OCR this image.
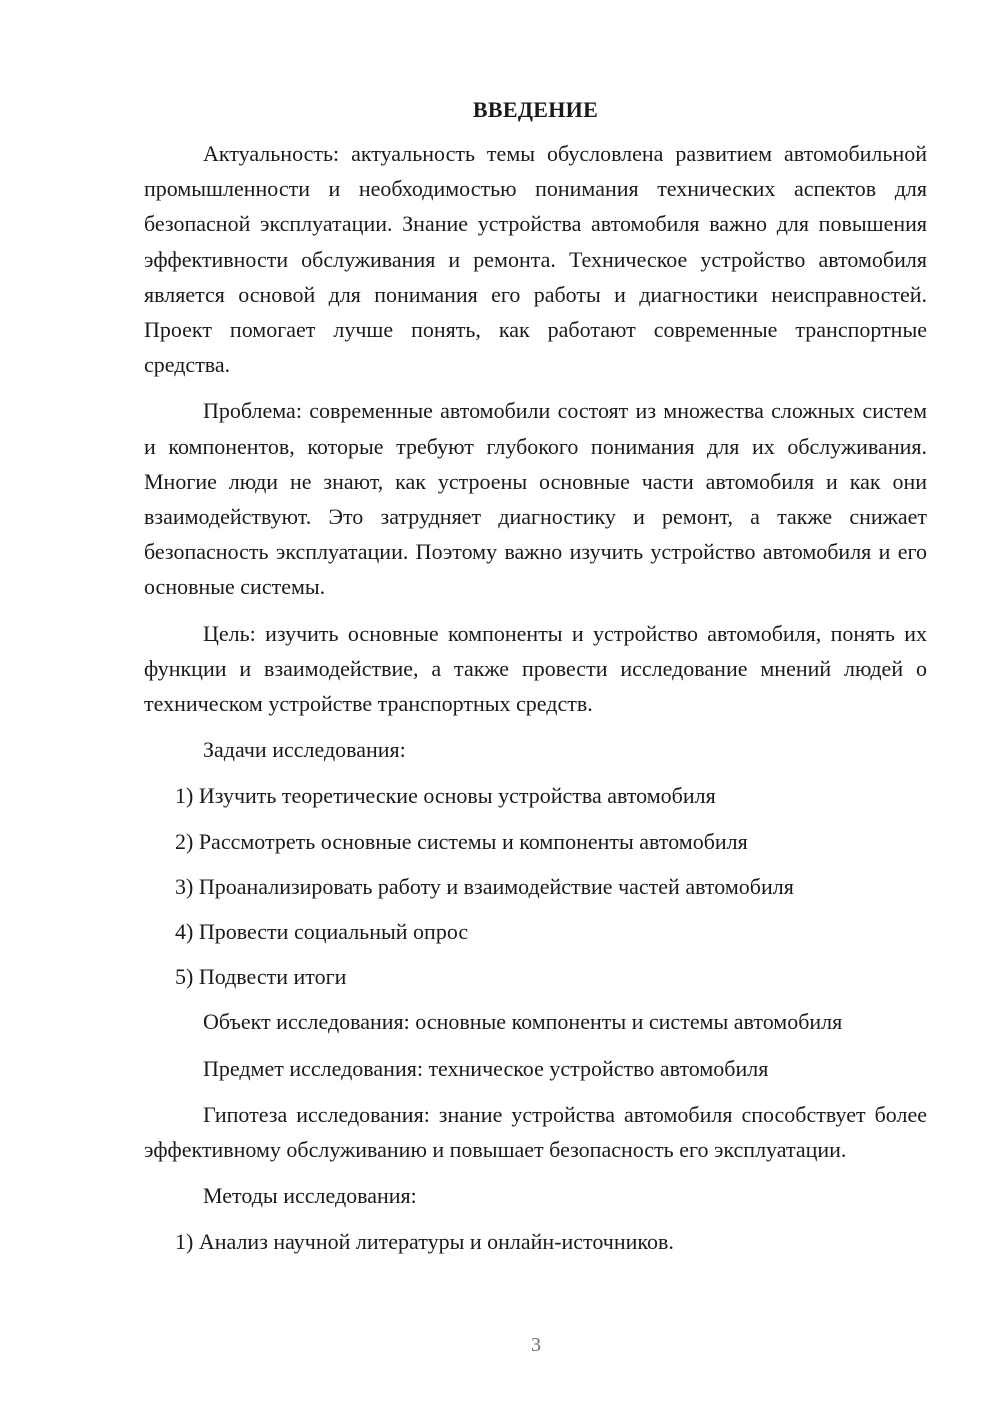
ВВЕДЕНИЕ

Актуальность: актуальность темы обусловлена развитием автомобильной промышленности и необходимостью понимания технических аспектов для безопасной эксплуатации. Знание устройства автомобиля важно для повышения эффективности обслуживания и ремонта. Техническое устройство автомобиля является основой для понимания его работы и диагностики неисправностей. Проект помогает лучше понять, как работают современные транспортные средства.

Проблема: современные автомобили состоят из множества сложных систем и компонентов, которые требуют глубокого понимания для их обслуживания. Многие люди не знают, как устроены основные части автомобиля и как они взаимодействуют. Это затрудняет диагностику и ремонт, а также снижает безопасность эксплуатации. Поэтому важно изучить устройство автомобиля и его основные системы.

Цель: изучить основные компоненты и устройство автомобиля, понять их функции и взаимодействие, а также провести исследование мнений людей о техническом устройстве транспортных средств.

Задачи исследования:

1) Изучить теоретические основы устройства автомобиля

2) Рассмотреть основные системы и компоненты автомобиля

3) Проанализировать работу и взаимодействие частей автомобиля

4) Провести социальный опрос

5) Подвести итоги

Объект исследования: основные компоненты и системы автомобиля

Предмет исследования: техническое устройство автомобиля

Гипотеза исследования: знание устройства автомобиля способствует более эффективному обслуживанию и повышает безопасность его эксплуатации.

Методы исследования:

1) Анализ научной литературы и онлайн-источников.

3
